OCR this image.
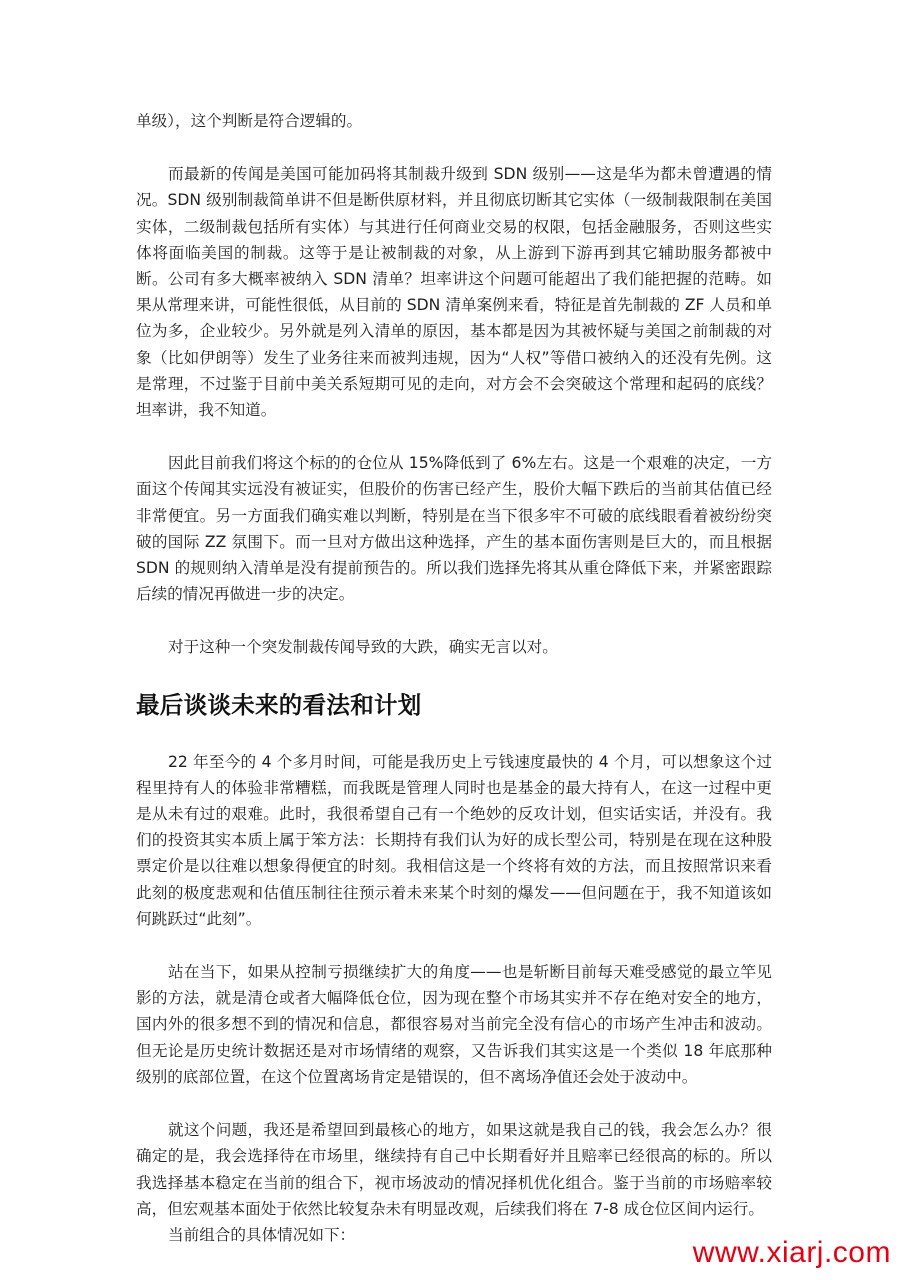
单级），这个判断是符合逻辑的。

而最新的传闻是美国可能加码将其制裁升级到 SDN 级别——这是华为都未曾遭遇的情况。SDN 级别制裁简单讲不但是断供原材料，并且彻底切断其它实体（一级制裁限制在美国实体，二级制裁包括所有实体）与其进行任何商业交易的权限，包括金融服务，否则这些实体将面临美国的制裁。这等于是让被制裁的对象，从上游到下游再到其它辅助服务都被中断。公司有多大概率被纳入 SDN 清单？坦率讲这个问题可能超出了我们能把握的范畴。如果从常理来讲，可能性很低，从目前的 SDN 清单案例来看，特征是首先制裁的 ZF 人员和单位为多，企业较少。另外就是列入清单的原因，基本都是因为其被怀疑与美国之前制裁的对象（比如伊朗等）发生了业务往来而被判违规，因为“人权”等借口被纳入的还没有先例。这是常理，不过鉴于目前中美关系短期可见的走向，对方会不会突破这个常理和起码的底线？坦率讲，我不知道。

因此目前我们将这个标的的仓位从 15%降低到了 6%左右。这是一个艰难的决定，一方面这个传闻其实远没有被证实，但股价的伤害已经产生，股价大幅下跌后的当前其估值已经非常便宜。另一方面我们确实难以判断，特别是在当下很多牢不可破的底线眼看着被纷纷突破的国际 ZZ 氛围下。而一旦对方做出这种选择，产生的基本面伤害则是巨大的，而且根据 SDN 的规则纳入清单是没有提前预告的。所以我们选择先将其从重仓降低下来，并紧密跟踪后续的情况再做进一步的决定。

对于这种一个突发制裁传闻导致的大跌，确实无言以对。

最后谈谈未来的看法和计划

22 年至今的 4 个多月时间，可能是我历史上亏钱速度最快的 4 个月，可以想象这个过程里持有人的体验非常糟糕，而我既是管理人同时也是基金的最大持有人，在这一过程中更是从未有过的艰难。此时，我很希望自己有一个绝妙的反攻计划，但实话实话，并没有。我们的投资其实本质上属于笨方法：长期持有我们认为好的成长型公司，特别是在现在这种股票定价是以往难以想象得便宜的时刻。我相信这是一个终将有效的方法，而且按照常识来看此刻的极度悲观和估值压制往往预示着未来某个时刻的爆发——但问题在于，我不知道该如何跳跃过“此刻”。

站在当下，如果从控制亏损继续扩大的角度——也是斩断目前每天难受感觉的最立竿见影的方法，就是清仓或者大幅降低仓位，因为现在整个市场其实并不存在绝对安全的地方，国内外的很多想不到的情况和信息，都很容易对当前完全没有信心的市场产生冲击和波动。但无论是历史统计数据还是对市场情绪的观察，又告诉我们其实这是一个类似 18 年底那种级别的底部位置，在这个位置离场肯定是错误的，但不离场净值还会处于波动中。

就这个问题，我还是希望回到最核心的地方，如果这就是我自己的钱，我会怎么办？很确定的是，我会选择待在市场里，继续持有自己中长期看好并且赔率已经很高的标的。所以我选择基本稳定在当前的组合下，视市场波动的情况择机优化组合。鉴于当前的市场赔率较高，但宏观基本面处于依然比较复杂未有明显改观，后续我们将在 7-8 成仓位区间内运行。

当前组合的具体情况如下：

www.xiarj.com
